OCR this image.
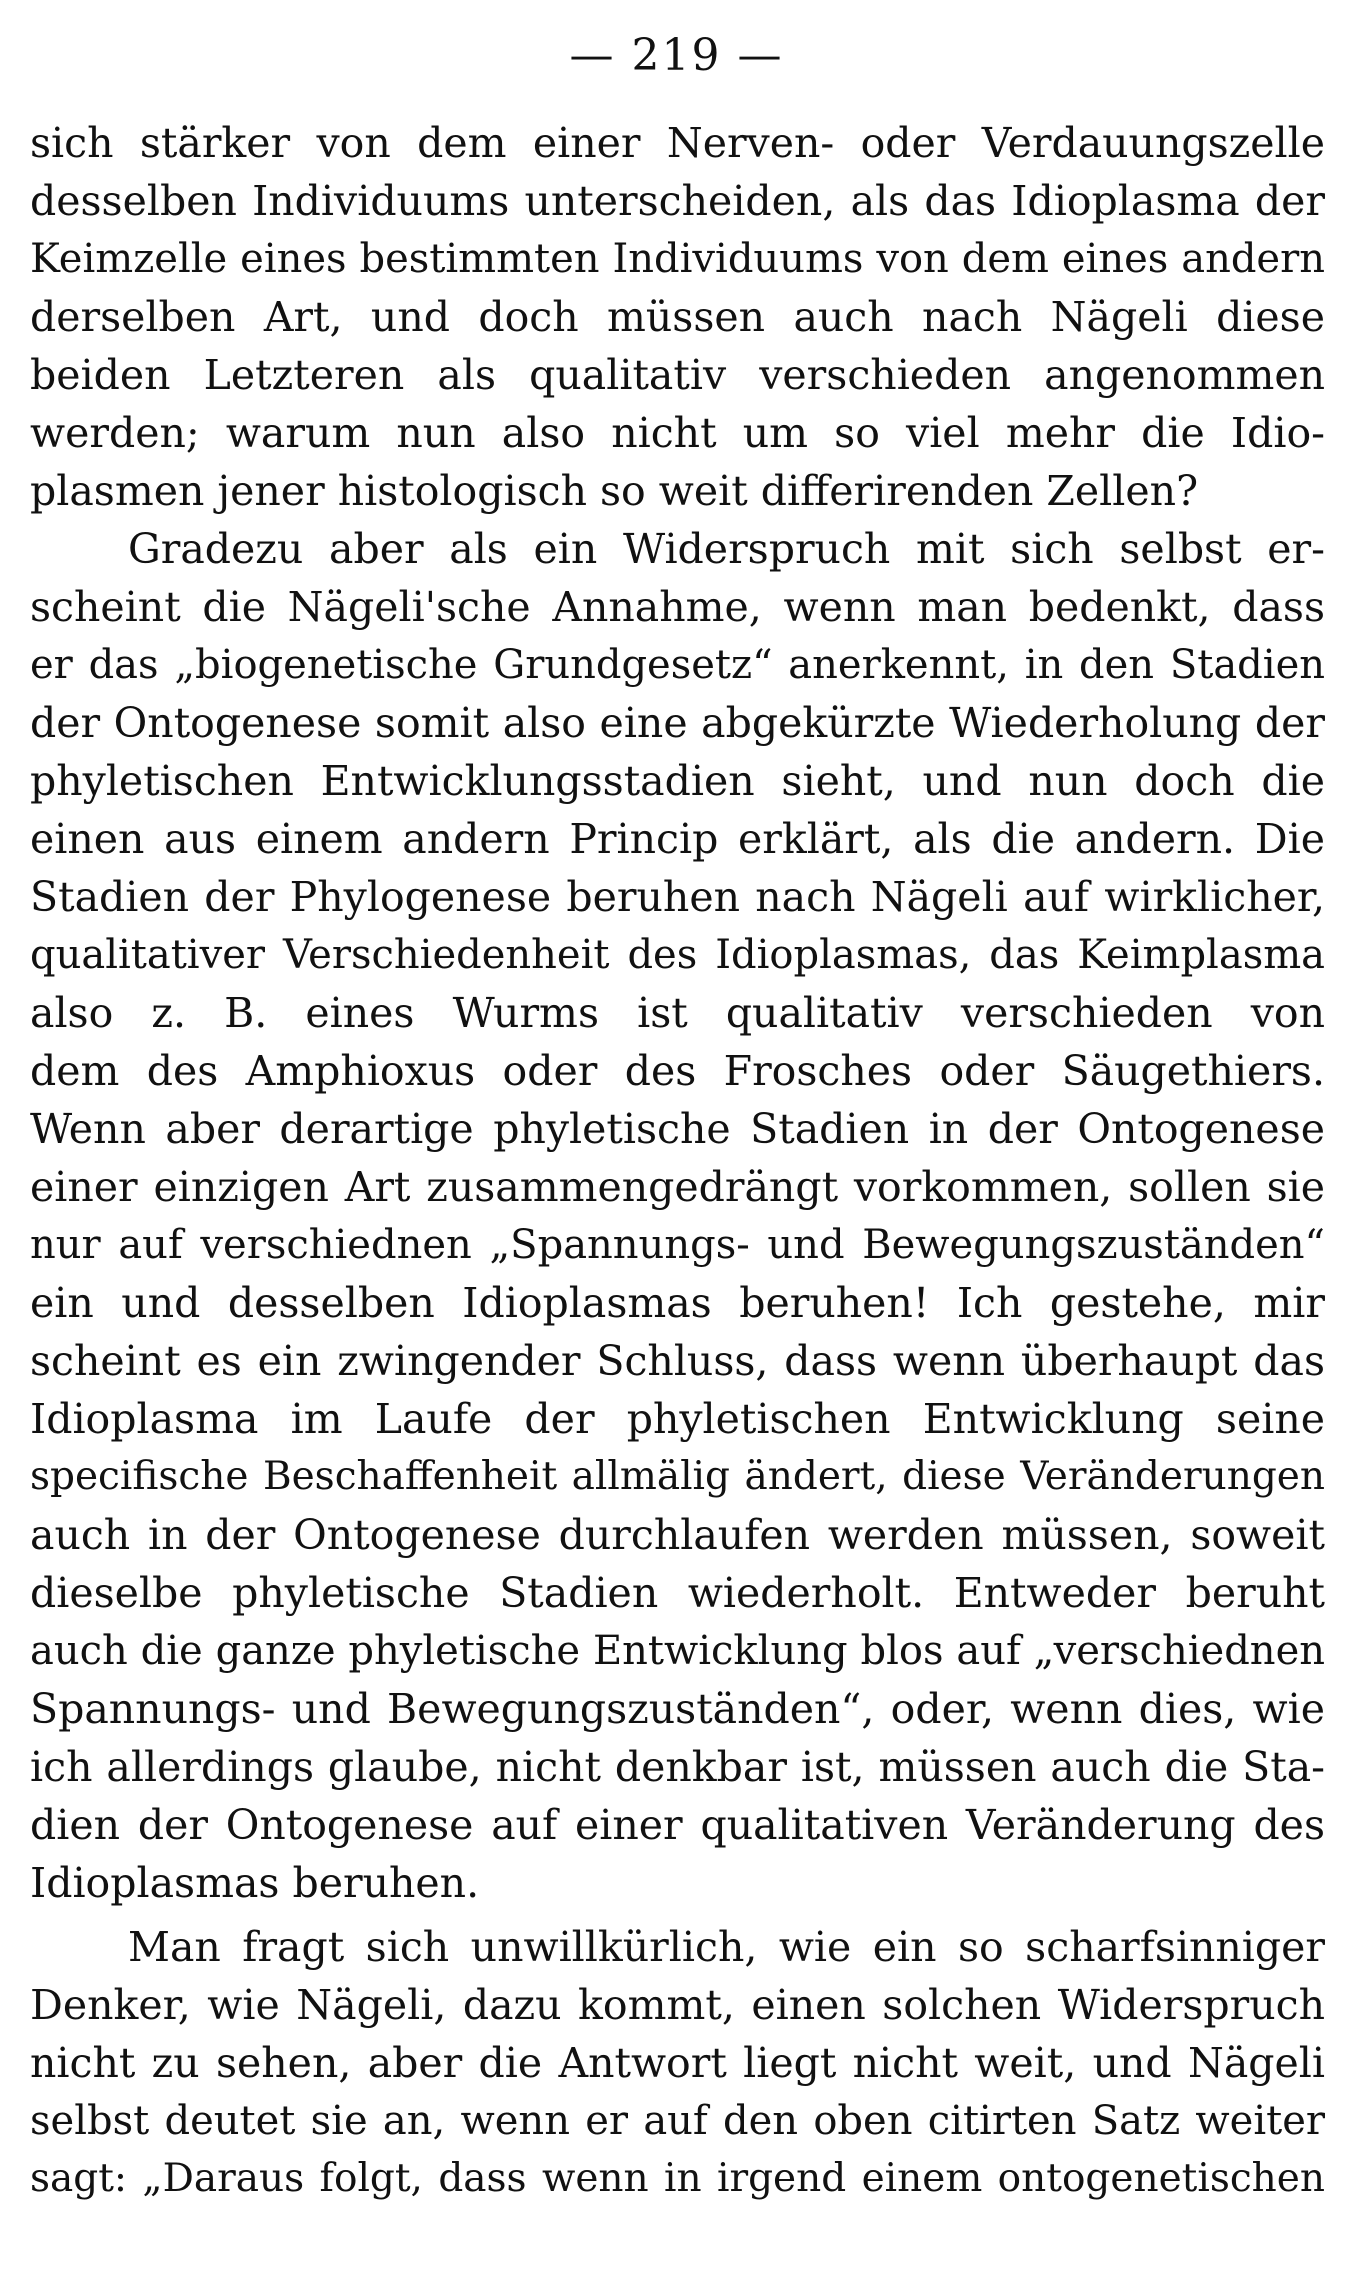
— 219 —
sich stärker von dem einer Nerven- oder Verdauungszelle
desselben Individuums unterscheiden, als das Idioplasma der
Keimzelle eines bestimmten Individuums von dem eines andern
derselben Art, und doch müssen auch nach Nägeli diese
beiden Letzteren als qualitativ verschieden angenommen
werden; warum nun also nicht um so viel mehr die Idio-
plasmen jener histologisch so weit differirenden Zellen?
Gradezu aber als ein Widerspruch mit sich selbst er-
scheint die Nägeli'sche Annahme, wenn man bedenkt, dass
er das „biogenetische Grundgesetz“ anerkennt, in den Stadien
der Ontogenese somit also eine abgekürzte Wiederholung der
phyletischen Entwicklungsstadien sieht, und nun doch die
einen aus einem andern Princip erklärt, als die andern. Die
Stadien der Phylogenese beruhen nach Nägeli auf wirklicher,
qualitativer Verschiedenheit des Idioplasmas, das Keimplasma
also z. B. eines Wurms ist qualitativ verschieden von
dem des Amphioxus oder des Frosches oder Säugethiers.
Wenn aber derartige phyletische Stadien in der Ontogenese
einer einzigen Art zusammengedrängt vorkommen, sollen sie
nur auf verschiednen „Spannungs- und Bewegungszuständen“
ein und desselben Idioplasmas beruhen! Ich gestehe, mir
scheint es ein zwingender Schluss, dass wenn überhaupt das
Idioplasma im Laufe der phyletischen Entwicklung seine
specifische Beschaffenheit allmälig ändert, diese Veränderungen
auch in der Ontogenese durchlaufen werden müssen, soweit
dieselbe phyletische Stadien wiederholt. Entweder beruht
auch die ganze phyletische Entwicklung blos auf „verschiednen
Spannungs- und Bewegungszuständen“, oder, wenn dies, wie
ich allerdings glaube, nicht denkbar ist, müssen auch die Sta-
dien der Ontogenese auf einer qualitativen Veränderung des
Idioplasmas beruhen.
Man fragt sich unwillkürlich, wie ein so scharfsinniger
Denker, wie Nägeli, dazu kommt, einen solchen Widerspruch
nicht zu sehen, aber die Antwort liegt nicht weit, und Nägeli
selbst deutet sie an, wenn er auf den oben citirten Satz weiter
sagt: „Daraus folgt, dass wenn in irgend einem ontogenetischen
